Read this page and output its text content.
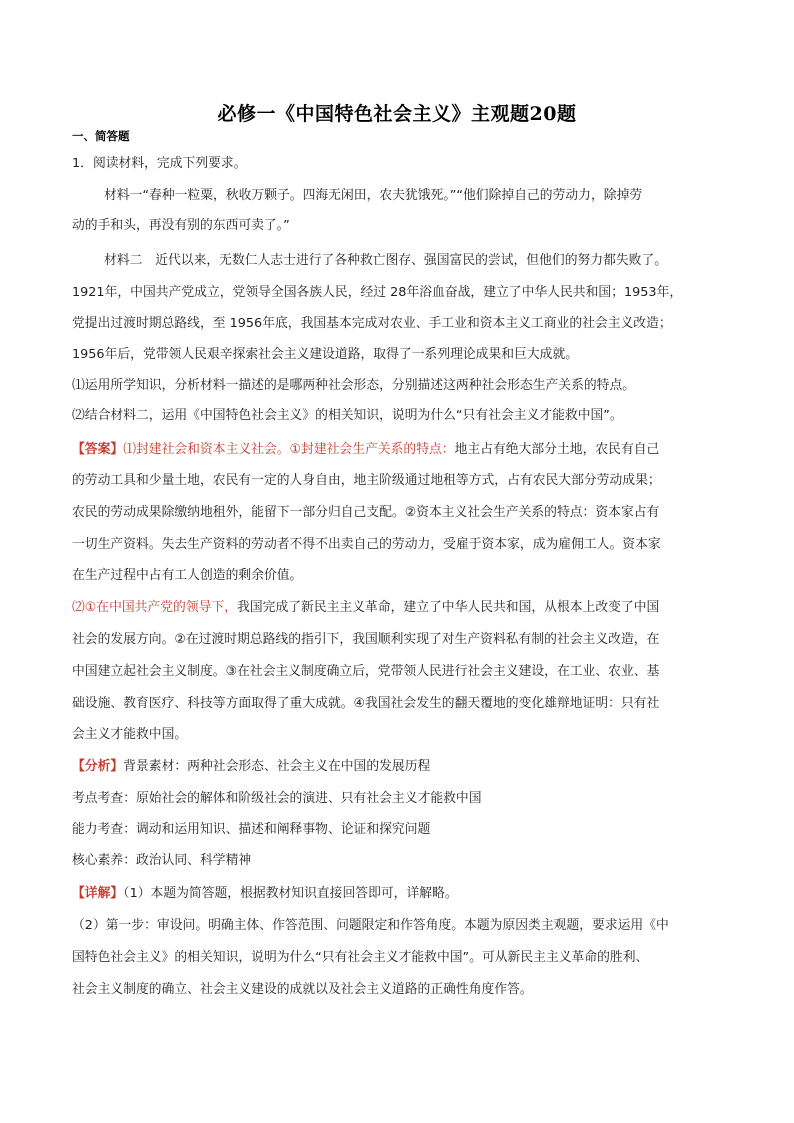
必修一《中国特色社会主义》主观题20题
一、简答题
1．阅读材料，完成下列要求。
材料一“春种一粒粟，秋收万颗子。四海无闲田，农夫犹饿死。”“他们除掉自己的劳动力，除掉劳
动的手和头，再没有别的东西可卖了。”
材料二　近代以来，无数仁人志士进行了各种救亡图存、强国富民的尝试，但他们的努力都失败了。
1921年，中国共产党成立，党领导全国各族人民，经过 28年浴血奋战，建立了中华人民共和国；1953年，
党提出过渡时期总路线，至 1956年底，我国基本完成对农业、手工业和资本主义工商业的社会主义改造；
1956年后，党带领人民艰辛探索社会主义建设道路，取得了一系列理论成果和巨大成就。
⑴运用所学知识，分析材料一描述的是哪两种社会形态，分别描述这两种社会形态生产关系的特点。
⑵结合材料二，运用《中国特色社会主义》的相关知识，说明为什么“只有社会主义才能救中国”。
【答案】⑴封建社会和资本主义社会。①封建社会生产关系的特点：地主占有绝大部分土地，农民有自己
的劳动工具和少量土地，农民有一定的人身自由，地主阶级通过地租等方式，占有农民大部分劳动成果；
农民的劳动成果除缴纳地租外，能留下一部分归自己支配。②资本主义社会生产关系的特点：资本家占有
一切生产资料。失去生产资料的劳动者不得不出卖自己的劳动力，受雇于资本家，成为雇佣工人。资本家
在生产过程中占有工人创造的剩余价值。
⑵①在中国共产党的领导下，我国完成了新民主主义革命，建立了中华人民共和国，从根本上改变了中国
社会的发展方向。②在过渡时期总路线的指引下，我国顺利实现了对生产资料私有制的社会主义改造，在
中国建立起社会主义制度。③在社会主义制度确立后，党带领人民进行社会主义建设，在工业、农业、基
础设施、教育医疗、科技等方面取得了重大成就。④我国社会发生的翻天覆地的变化雄辩地证明：只有社
会主义才能救中国。
【分析】背景素材：两种社会形态、社会主义在中国的发展历程
考点考查：原始社会的解体和阶级社会的演进、只有社会主义才能救中国
能力考查：调动和运用知识、描述和阐释事物、论证和探究问题
核心素养：政治认同、科学精神
【详解】（1）本题为简答题，根据教材知识直接回答即可，详解略。
（2）第一步：审设问。明确主体、作答范围、问题限定和作答角度。本题为原因类主观题，要求运用《中
国特色社会主义》的相关知识，说明为什么“只有社会主义才能救中国”。可从新民主主义革命的胜利、
社会主义制度的确立、社会主义建设的成就以及社会主义道路的正确性角度作答。
